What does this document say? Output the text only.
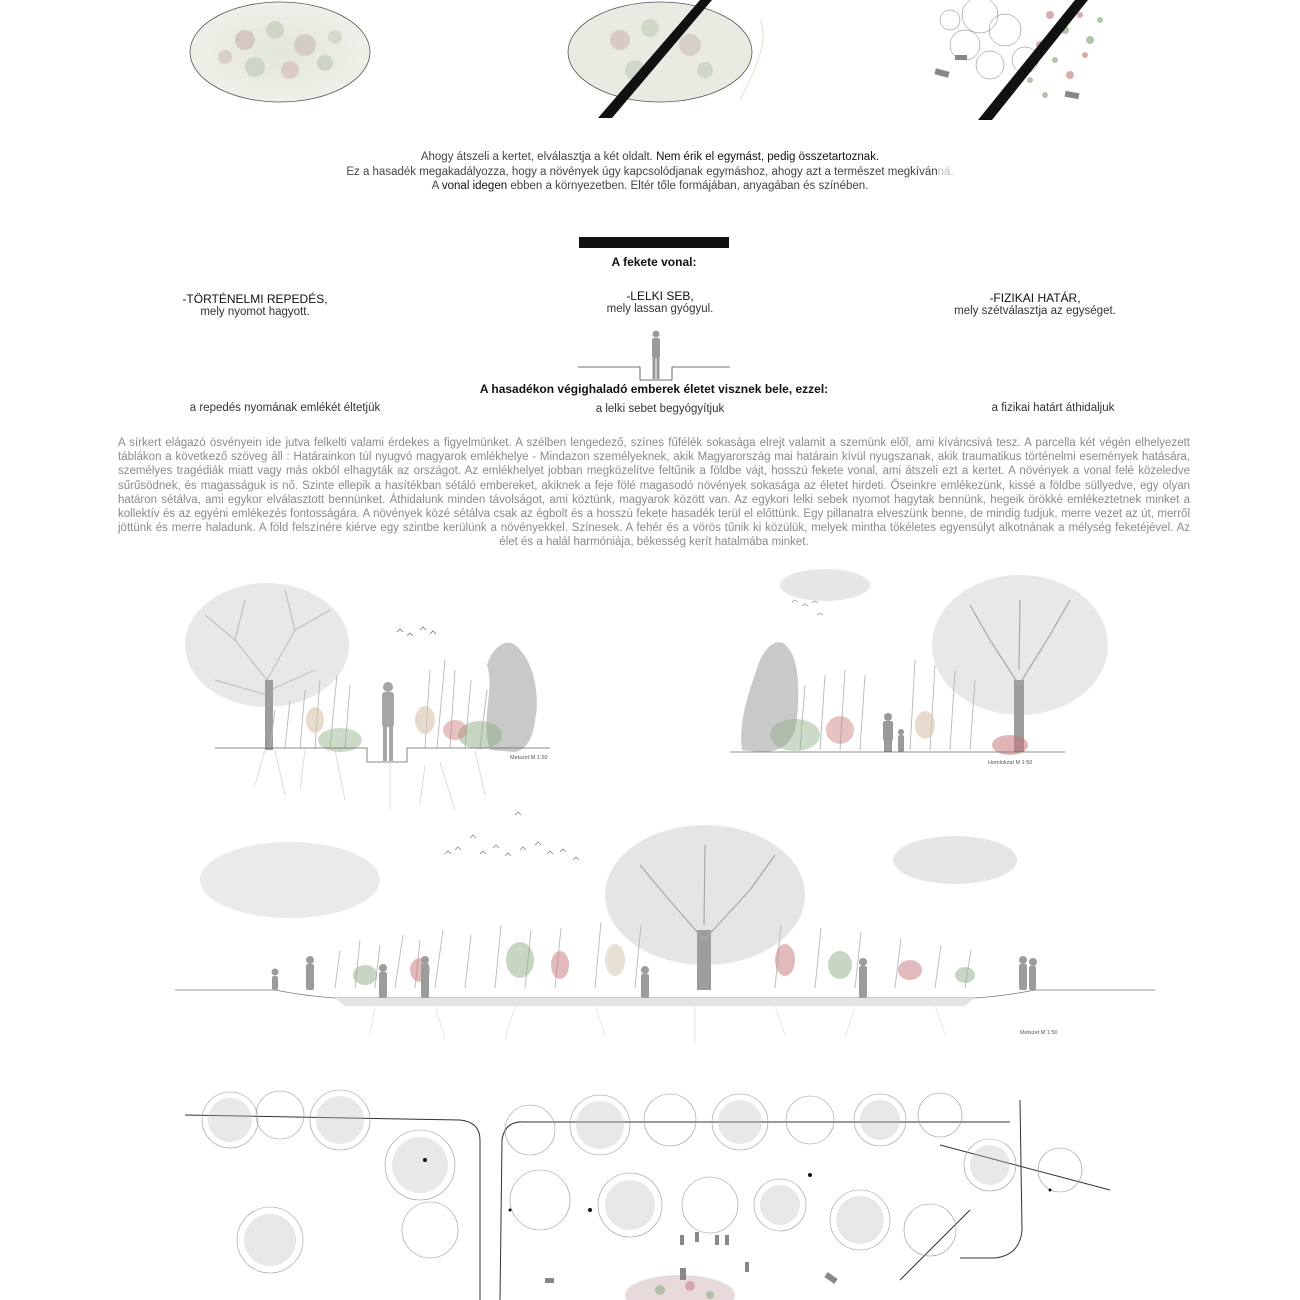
Ahogy átszeli a kertet, elválasztja a két oldalt. Nem érik el egymást, pedig összetartoznak.
Ez a hasadék megakadályozza, hogy a növények úgy kapcsolódjanak egymáshoz, ahogy azt a természet megkívánná.
A vonal idegen ebben a környezetben. Eltér tőle formájában, anyagában és színében.
A fekete vonal:
-TÖRTÉNELMI REPEDÉS,
mely nyomot hagyott.
-LELKI SEB,
mely lassan gyógyul.
-FIZIKAI HATÁR,
mely szétválasztja az egységet.
A hasadékon végighaladó emberek életet visznek bele, ezzel:
a repedés nyomának emlékét éltetjük	a lelki sebet begyógyítjuk	a fizikai határt áthidaljuk
A sírkert elágazó ösvényein ide jutva felkelti valami érdekes a figyelmünket. A szélben lengedező, színes fűfélék sokasága elrejt valamit a szemünk elől, ami kíváncsivá tesz. A parcella két végén elhelyezett táblákon a következő szöveg áll : Határainkon túl nyugvó magyarok emlékhelye - Mindazon személyeknek, akik Magyarország mai határain kívül nyugszanak, akik traumatikus történelmi események hatására, személyes tragédiák miatt vagy más okból elhagyták az országot. Az emlékhelyet jobban megközelítve feltűnik a földbe vájt, hosszú fekete vonal, ami átszeli ezt a kertet. A növények a vonal felé közeledve sűrűsödnek, és magasságuk is nő. Szinte ellepik a hasítékban sétáló embereket, akiknek a feje fölé magasodó növények sokasága az életet hirdeti. Őseinkre emlékezünk, kissé a földbe süllyedve, egy olyan határon sétálva, ami egykor elválasztott bennünket. Áthidalunk minden távolságot, ami köztünk, magyarok között van. Az egykori lelki sebek nyomot hagytak bennünk, hegeik örökké emlékeztetnek minket a kollektív és az egyéni emlékezés fontosságára. A növények közé sétálva csak az égbolt és a hosszú fekete hasadék terül el előttünk. Egy pillanatra elveszünk benne, de mindig tudjuk, merre vezet az út, merről jöttünk és merre haladunk. A föld felszínére kiérve egy szintbe kerülünk a növényekkel. Színesek. A fehér és a vörös tűnik ki közülük, melyek mintha tökéletes egyensúlyt alkotnának a mélység feketéjével. Az élet és a halál harmóniája, békesség kerít hatalmába minket.
Metszet M 1:50
Homlokzat M 1:50
Metszet M 1:50
